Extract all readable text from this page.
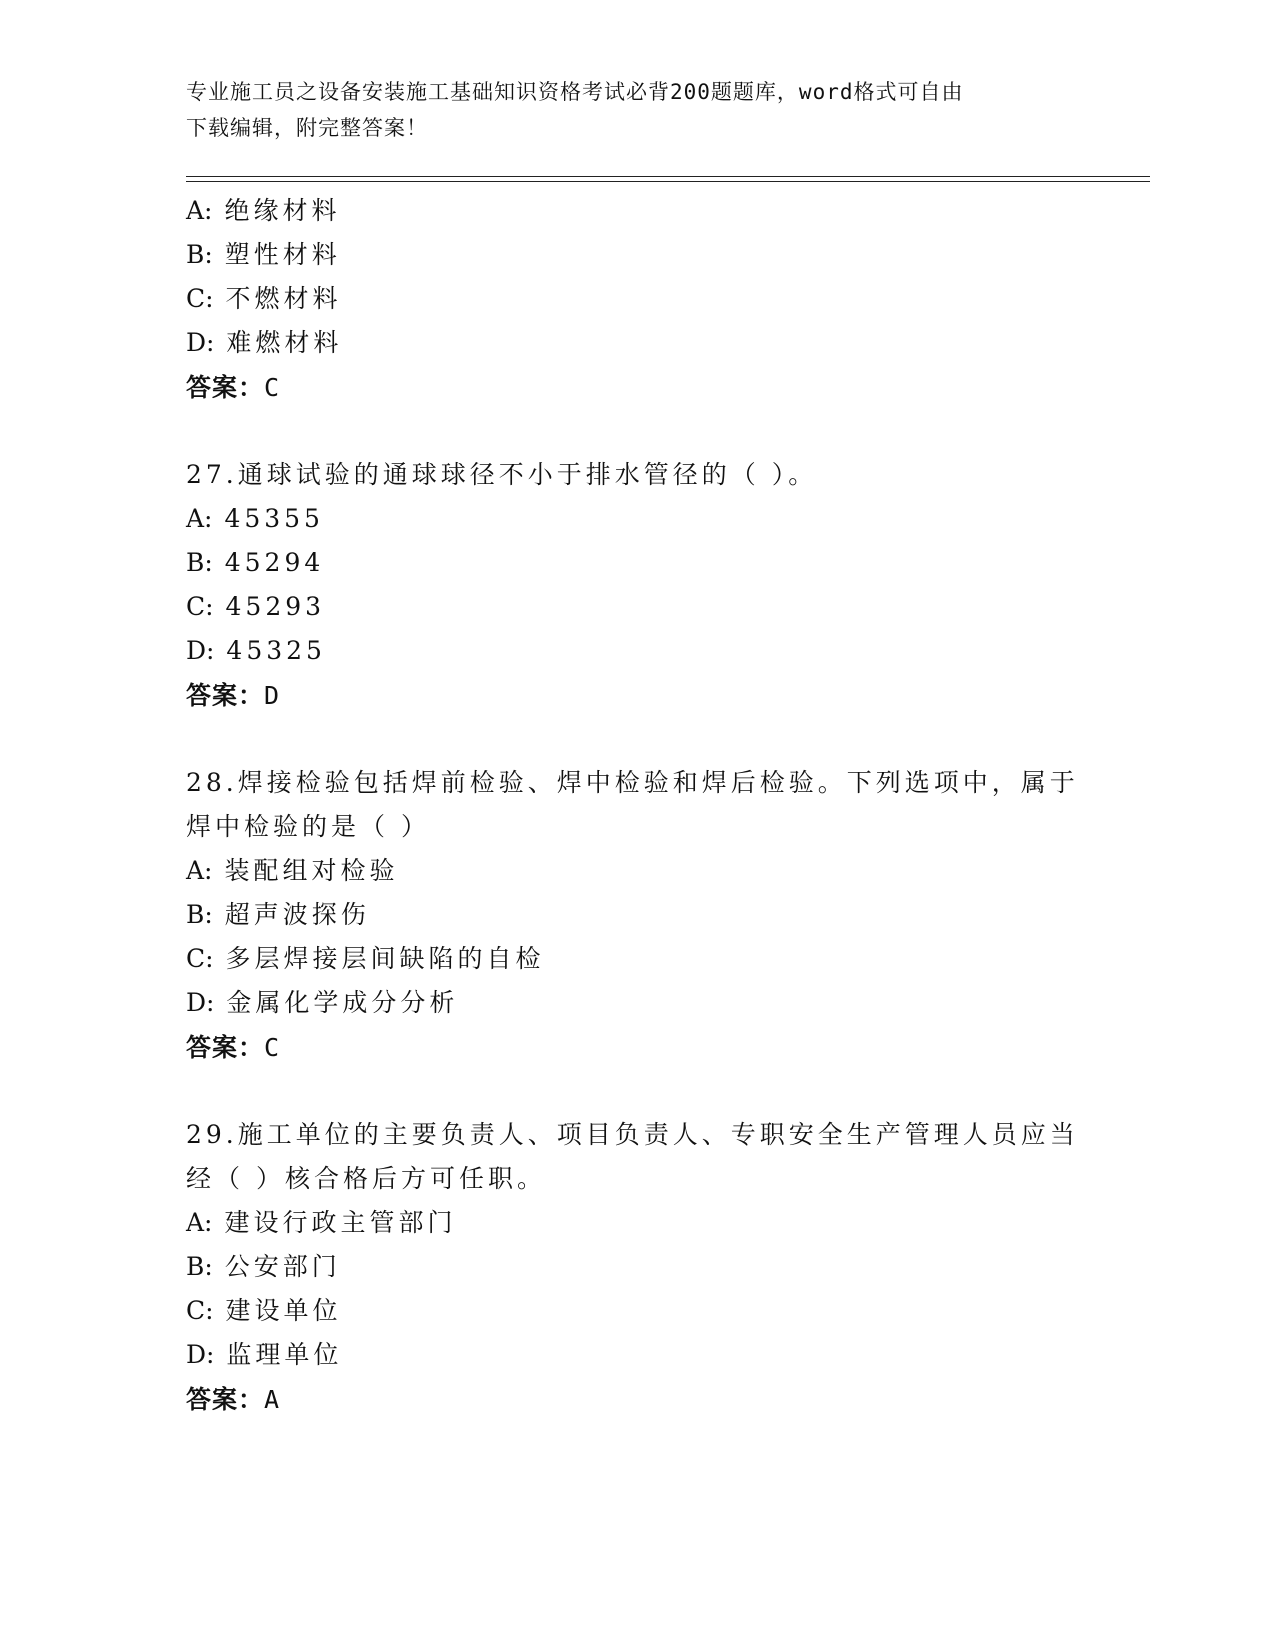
专业施工员之设备安装施工基础知识资格考试必背200题题库，word格式可自由
下载编辑，附完整答案！
A: 绝缘材料
B: 塑性材料
C: 不燃材料
D: 难燃材料
答案：C
27.通球试验的通球球径不小于排水管径的（ ）。
A: 45355
B: 45294
C: 45293
D: 45325
答案：D
28.焊接检验包括焊前检验、焊中检验和焊后检验。下列选项中，属于
焊中检验的是（ ）
A: 装配组对检验
B: 超声波探伤
C: 多层焊接层间缺陷的自检
D: 金属化学成分分析
答案：C
29.施工单位的主要负责人、项目负责人、专职安全生产管理人员应当
经（ ）核合格后方可任职。
A: 建设行政主管部门
B: 公安部门
C: 建设单位
D: 监理单位
答案：A
